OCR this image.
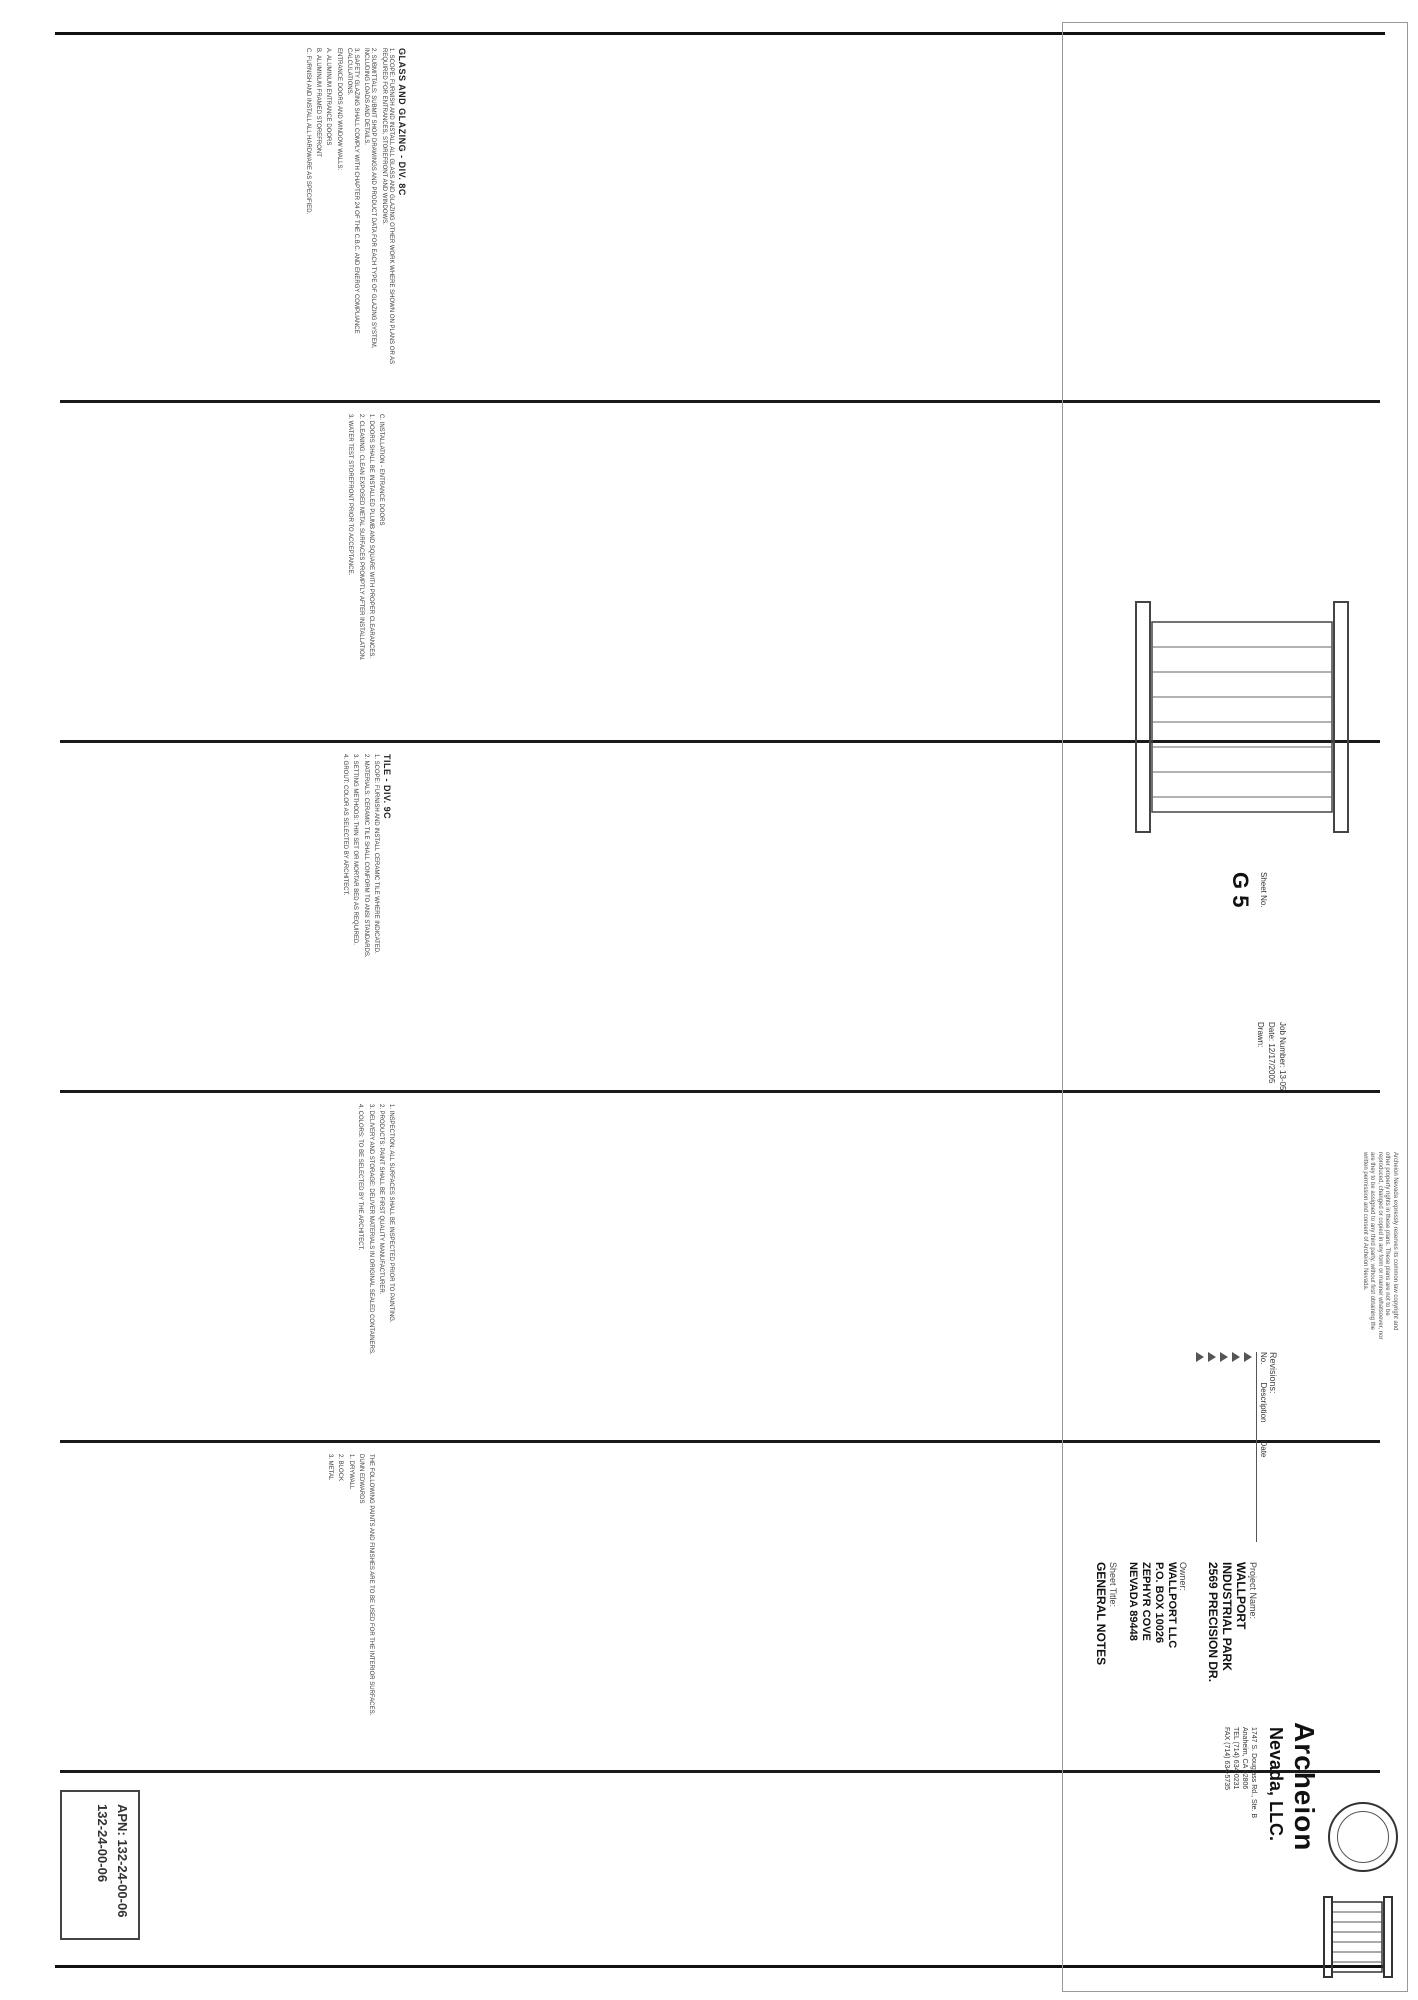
GLASS AND GLAZING - DIV. 8C
1. SCOPE: FURNISH AND INSTALL ALL GLASS AND GLAZING OTHER WORK WHERE SHOWN ON PLANS OR AS REQUIRED FOR ENTRANCES, STOREFRONT AND WINDOWS.
2. SUBMITTALS: SUBMIT SHOP DRAWINGS AND PRODUCT DATA FOR EACH TYPE OF GLAZING SYSTEM, INCLUDING LOADS AND DETAILS.
3. SAFETY GLAZING SHALL COMPLY WITH CHAPTER 24 OF THE C.B.C. AND ENERGY COMPLIANCE CALCULATIONS.
ENTRANCE DOORS AND WINDOW WALLS:
A. ALUMINUM ENTRANCE DOORS
B. ALUMINUM FRAMED STOREFRONT
C. FURNISH AND INSTALL ALL HARDWARE AS SPECIFIED.
C. INSTALLATION - ENTRANCE DOORS
1. DOORS SHALL BE INSTALLED PLUMB AND SQUARE WITH PROPER CLEARANCES.
2. CLEANING: CLEAN EXPOSED METAL SURFACES PROMPTLY AFTER INSTALLATION.
3. WATER TEST STOREFRONT PRIOR TO ACCEPTANCE.
TILE - DIV. 9C
1. SCOPE: FURNISH AND INSTALL CERAMIC TILE WHERE INDICATED.
2. MATERIALS: CERAMIC TILE SHALL CONFORM TO ANSI STANDARDS.
3. SETTING METHODS: THIN SET OR MORTAR BED AS REQUIRED.
4. GROUT: COLOR AS SELECTED BY ARCHITECT.
1. INSPECTION: ALL SURFACES SHALL BE INSPECTED PRIOR TO PAINTING.
2. PRODUCTS: PAINT SHALL BE FIRST QUALITY MANUFACTURER.
3. DELIVERY AND STORAGE: DELIVER MATERIALS IN ORIGINAL SEALED CONTAINERS.
4. COLORS: TO BE SELECTED BY THE ARCHITECT.
THE FOLLOWING PAINTS AND FINISHES ARE TO BE USED FOR THE INTERIOR SURFACES.
DUNN EDWARDS
1. DRYWALL
2. BLOCK
3. METAL
APN: 132-24-00-06
132-24-00-06	Archeion
Nevada, LLC.
1747 S. Douglass Rd., Ste. B
Anaheim, CA 92806
TEL (714) 634-0231
FAX (714) 634-5735
Project Name:
WALLPORT
INDUSTRIAL PARK
2569 PRECISION DR.
Owner:
WALLPORT LLC
P.O. BOX 10026
ZEPHYR COVE
NEVADA 89448
Sheet Title:
GENERAL NOTES
Revisions:
No.
Description
Date
Archeion Nevada expressly reserves its common law copyright and other property rights in these plans. These plans are not to be reproduced, changed or copied in any form or manner whatsoever, nor are they to be assigned to any third party, without first obtaining the written permission and consent of Archeion Nevada.
Job Number: 13-05
Date: 12/17/2005
Drawn:
Sheet No.
G 5
